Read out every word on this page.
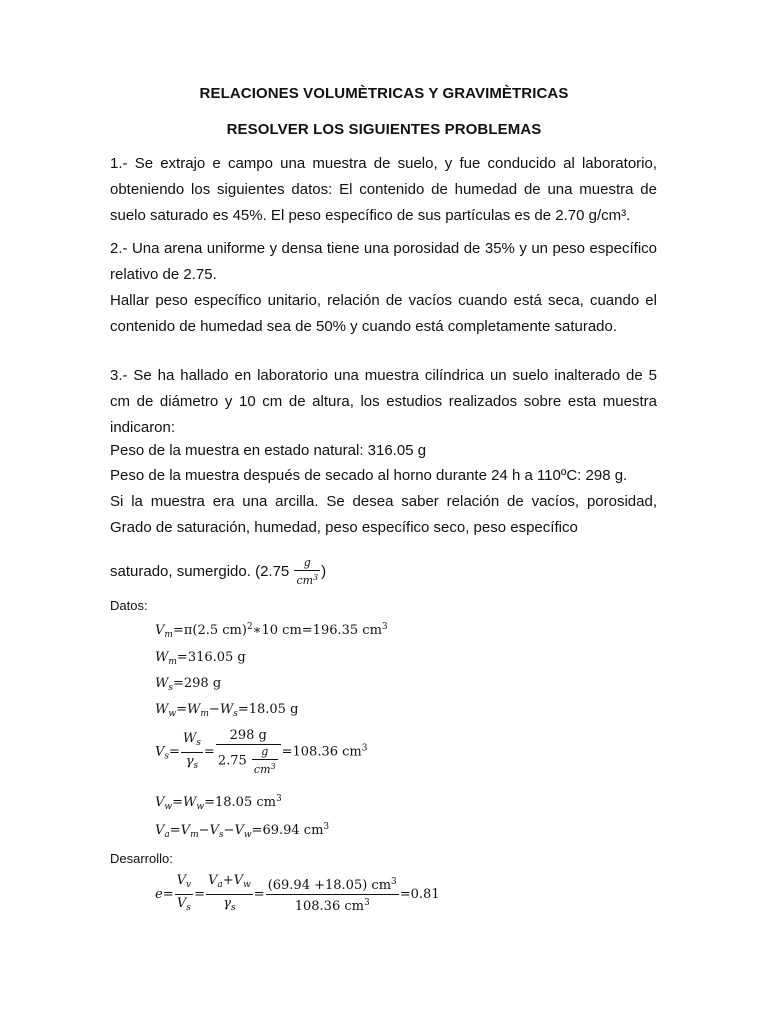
RELACIONES VOLUMÈTRICAS Y GRAVIMÈTRICAS
RESOLVER LOS SIGUIENTES PROBLEMAS
1.- Se extrajo e campo una muestra de suelo, y fue conducido al laboratorio, obteniendo los siguientes datos: El contenido de humedad de una muestra de suelo saturado es 45%. El peso específico de sus partículas es de 2.70 g/cm³.
2.- Una arena uniforme y densa tiene una porosidad de 35% y un peso específico relativo de 2.75.
Hallar peso específico unitario, relación de vacíos cuando está seca, cuando el contenido de humedad sea de 50% y cuando está completamente saturado.
3.- Se ha hallado en laboratorio una muestra cilíndrica un suelo inalterado de 5 cm de diámetro y 10 cm de altura, los estudios realizados sobre esta muestra indicaron:
Peso de la muestra en estado natural: 316.05 g
Peso de la muestra después de secado al horno durante 24 h a 110ºC: 298 g.
Si la muestra era una arcilla. Se desea saber relación de vacíos, porosidad, Grado de saturación, humedad, peso específico seco, peso específico
saturado, sumergido. ($2.75 \frac{g}{cm^3}$ )
Datos:
$V_m=\pi(2.5$ cm)$^2$∗10 cm=196.35 $cm^3$
$W_m=316.05$ g
$W_s=298$ g
$W_w=W_m-W_s=18.05$ g
$V_s= \frac{W_s}{\gamma_s} = \frac{298 g}{2.75 \frac{g}{cm^3}} =108.36$ $cm^3$
$V_w=W_w=18.05$ $cm^3$
$V_a=V_m-V_s-V_w=69.94$ $cm^3$
Desarrollo:
$e= \frac{V_v}{V_s} = \frac{V_a+V_w}{\gamma_s} = \frac{(69.94 +18.05) cm^3}{108.36 cm^3} =0.81$
